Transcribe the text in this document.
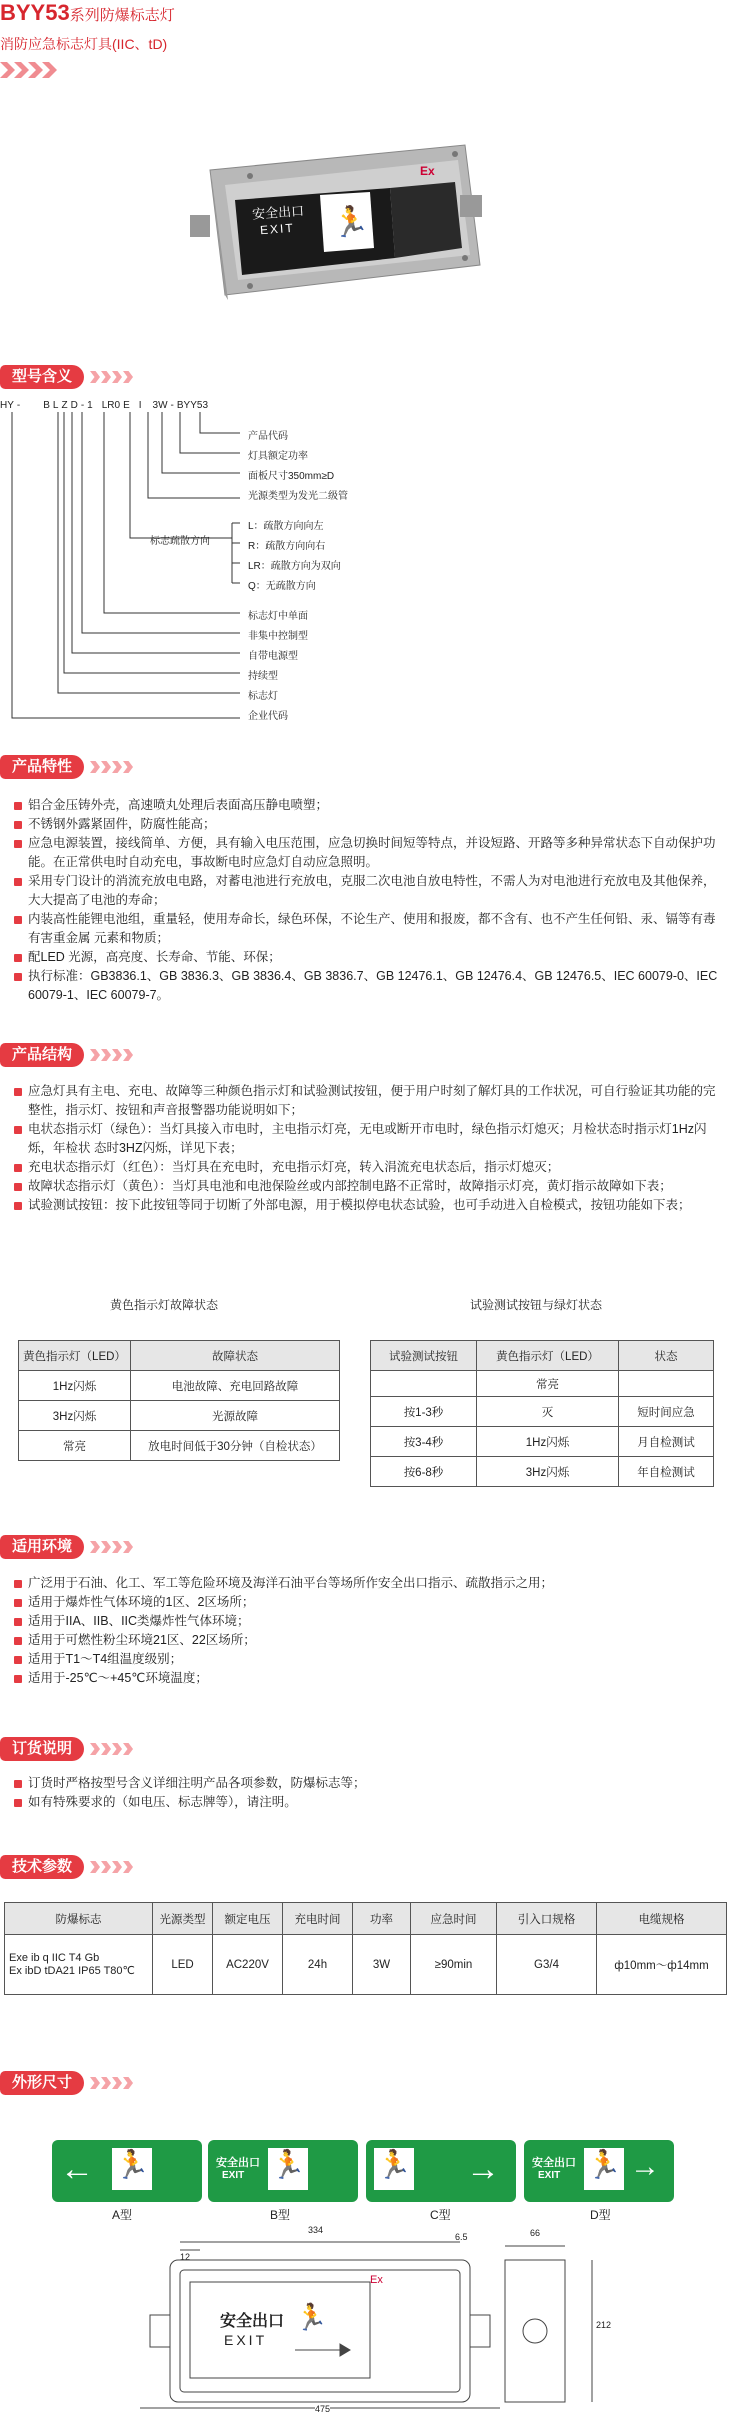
BYY53系列防爆标志灯
消防应急标志灯具(IIC、tD)
安全出口
EXIT 🏃
Ex
型号含义
HY - B L Z D - 1 LR0 E I 3W - BYY53
产品代码
灯具额定功率
面板尺寸350mm≥D
光源类型为发光二级管
L：疏散方向向左
R：疏散方向向右
LR：疏散方向为双向
Q：无疏散方向
标志疏散方向
标志灯中单面
非集中控制型
自带电源型
持续型
标志灯
企业代码
产品特性
铝合金压铸外壳，高速喷丸处理后表面高压静电喷塑；
不锈钢外露紧固件，防腐性能高；
应急电源装置，接线简单、方便，具有输入电压范围，应急切换时间短等特点，并设短路、开路等多种异常状态下自动保护功能。在正常供电时自动充电，事故断电时应急灯自动应急照明。
采用专门设计的消流充放电电路，对蓄电池进行充放电，克服二次电池自放电特性，不需人为对电池进行充放电及其他保养，大大提高了电池的寿命；
内装高性能锂电池组，重量轻，使用寿命长，绿色环保，不论生产、使用和报废，都不含有、也不产生任何铅、汞、镉等有毒有害重金属 元素和物质；
配LED 光源，高亮度、长寿命、节能、环保；
执行标准：GB3836.1、GB 3836.3、GB 3836.4、GB 3836.7、GB 12476.1、GB 12476.4、GB 12476.5、IEC 60079-0、IEC 60079-1、IEC 60079-7。
产品结构
应急灯具有主电、充电、故障等三种颜色指示灯和试验测试按钮，便于用户时刻了解灯具的工作状况，可自行验证其功能的完整性，指示灯、按钮和声音报警器功能说明如下；
电状态指示灯（绿色）：当灯具接入市电时，主电指示灯亮，无电或断开市电时，绿色指示灯熄灭；月检状态时指示灯1Hz闪烁，年检状 态时3HZ闪烁，详见下表；
充电状态指示灯（红色）：当灯具在充电时，充电指示灯亮，转入涓流充电状态后，指示灯熄灭；
故障状态指示灯（黄色）：当灯具电池和电池保险丝或内部控制电路不正常时，故障指示灯亮，黄灯指示故障如下表；
试验测试按钮：按下此按钮等同于切断了外部电源，用于模拟停电状态试验，也可手动进入自检模式，按钮功能如下表；
黄色指示灯故障状态	试验测试按钮与绿灯状态
黄色指示灯（LED）	故障状态
1Hz闪烁	电池故障、充电回路故障
3Hz闪烁	光源故障
常亮	放电时间低于30分钟（自检状态）
试验测试按钮	黄色指示灯（LED）	状态
	常亮	
按1-3秒	灭	短时间应急
按3-4秒	1Hz闪烁	月自检测试
按6-8秒	3Hz闪烁	年自检测试
适用环境
广泛用于石油、化工、军工等危险环境及海洋石油平台等场所作安全出口指示、疏散指示之用；
适用于爆炸性气体环境的1区、2区场所；
适用于IIA、IIB、IIC类爆炸性气体环境；
适用于可燃性粉尘环境21区、22区场所；
适用于T1～T4组温度级别；
适用于-25℃～+45℃环境温度；
订货说明
订货时严格按型号含义详细注明产品各项参数，防爆标志等；
如有特殊要求的（如电压、标志牌等），请注明。
技术参数
防爆标志	光源类型	额定电压	充电时间	功率	应急时间	引入口规格	电缆规格
Exe ib q IIC T4 Gb
Ex ibD tDA21 IP65 T80℃	LED	AC220V	24h	3W	≥90min	G3/4	ф10mm～ф14mm
外形尺寸
← 🏃
A型
安全出口
EXIT 🏃
B型
🏃 →
C型
安全出口
EXIT 🏃 →
D型
334
6.5
12
66
212
475
安全出口
EXIT
Ex
🏃
